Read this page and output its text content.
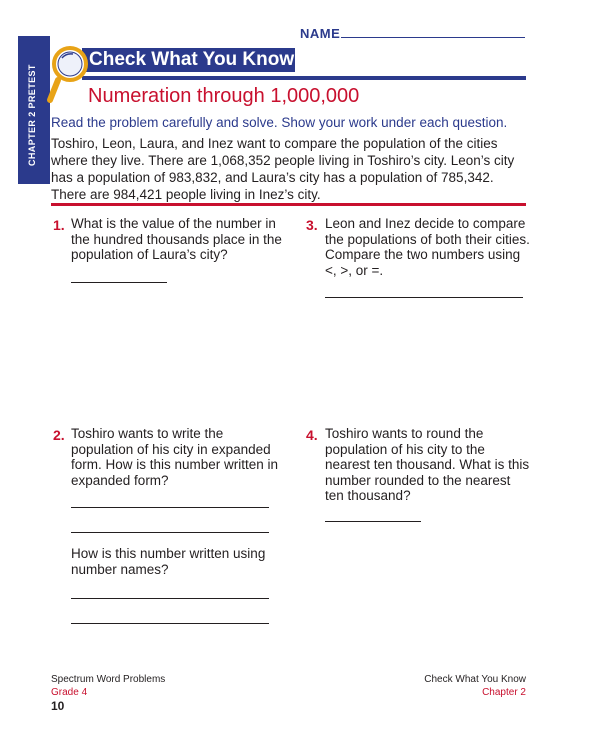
NAME
CHAPTER 2 PRETEST
Check What You Know
Numeration through 1,000,000
Read the problem carefully and solve. Show your work under each question.
Toshiro, Leon, Laura, and Inez want to compare the population of the cities where they live. There are 1,068,352 people living in Toshiro’s city. Leon’s city has a population of 983,832, and Laura’s city has a population of 785,342. There are 984,421 people living in Inez’s city.
1. What is the value of the number in the hundred thousands place in the population of Laura’s city?
3. Leon and Inez decide to compare the populations of both their cities. Compare the two numbers using <, >, or =.
2. Toshiro wants to write the population of his city in expanded form. How is this number written in expanded form?
How is this number written using number names?
4. Toshiro wants to round the population of his city to the nearest ten thousand. What is this number rounded to the nearest ten thousand?
Spectrum Word Problems
Grade 4
Check What You Know
Chapter 2
10
